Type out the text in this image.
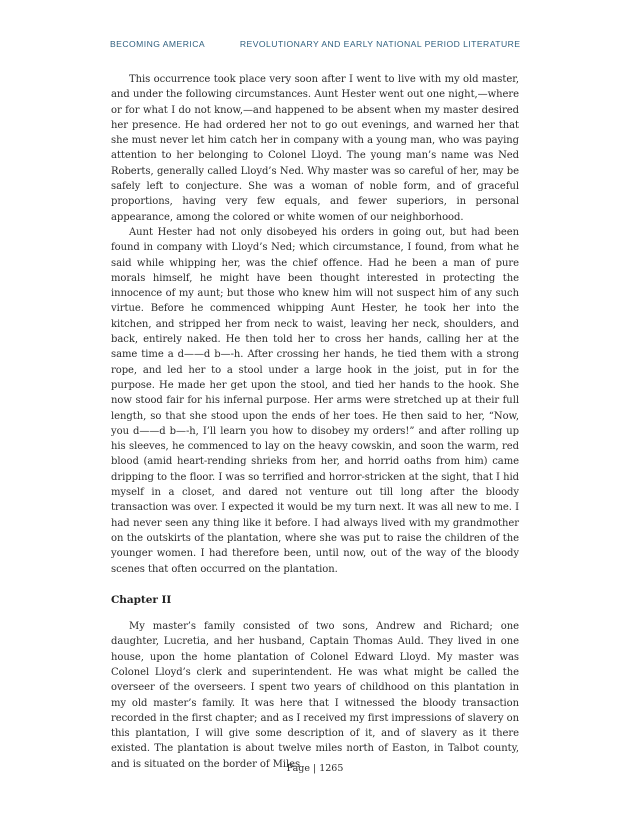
BECOMING AMERICA	REVOLUTIONARY AND EARLY NATIONAL PERIOD LITERATURE

This occurrence took place very soon after I went to live with my old master, and under the following circumstances. Aunt Hester went out one night,—where or for what I do not know,—and happened to be absent when my master desired her presence. He had ordered her not to go out evenings, and warned her that she must never let him catch her in company with a young man, who was paying attention to her belonging to Colonel Lloyd. The young man’s name was Ned Roberts, generally called Lloyd’s Ned. Why master was so careful of her, may be safely left to conjecture. She was a woman of noble form, and of graceful proportions, having very few equals, and fewer superiors, in personal appearance, among the colored or white women of our neighborhood.

Aunt Hester had not only disobeyed his orders in going out, but had been found in company with Lloyd’s Ned; which circumstance, I found, from what he said while whipping her, was the chief offence. Had he been a man of pure morals himself, he might have been thought interested in protecting the innocence of my aunt; but those who knew him will not suspect him of any such virtue. Before he commenced whipping Aunt Hester, he took her into the kitchen, and stripped her from neck to waist, leaving her neck, shoulders, and back, entirely naked. He then told her to cross her hands, calling her at the same time a d——d b—-h. After crossing her hands, he tied them with a strong rope, and led her to a stool under a large hook in the joist, put in for the purpose. He made her get upon the stool, and tied her hands to the hook. She now stood fair for his infernal purpose. Her arms were stretched up at their full length, so that she stood upon the ends of her toes. He then said to her, “Now, you d——d b—-h, I’ll learn you how to disobey my orders!” and after rolling up his sleeves, he commenced to lay on the heavy cowskin, and soon the warm, red blood (amid heart-rending shrieks from her, and horrid oaths from him) came dripping to the floor. I was so terrified and horror-stricken at the sight, that I hid myself in a closet, and dared not venture out till long after the bloody transaction was over. I expected it would be my turn next. It was all new to me. I had never seen any thing like it before. I had always lived with my grandmother on the outskirts of the plantation, where she was put to raise the children of the younger women. I had therefore been, until now, out of the way of the bloody scenes that often occurred on the plantation.

Chapter II

My master’s family consisted of two sons, Andrew and Richard; one daughter, Lucretia, and her husband, Captain Thomas Auld. They lived in one house, upon the home plantation of Colonel Edward Lloyd. My master was Colonel Lloyd’s clerk and superintendent. He was what might be called the overseer of the overseers. I spent two years of childhood on this plantation in my old master’s family. It was here that I witnessed the bloody transaction recorded in the first chapter; and as I received my first impressions of slavery on this plantation, I will give some description of it, and of slavery as it there existed. The plantation is about twelve miles north of Easton, in Talbot county, and is situated on the border of Miles

Page | 1265
